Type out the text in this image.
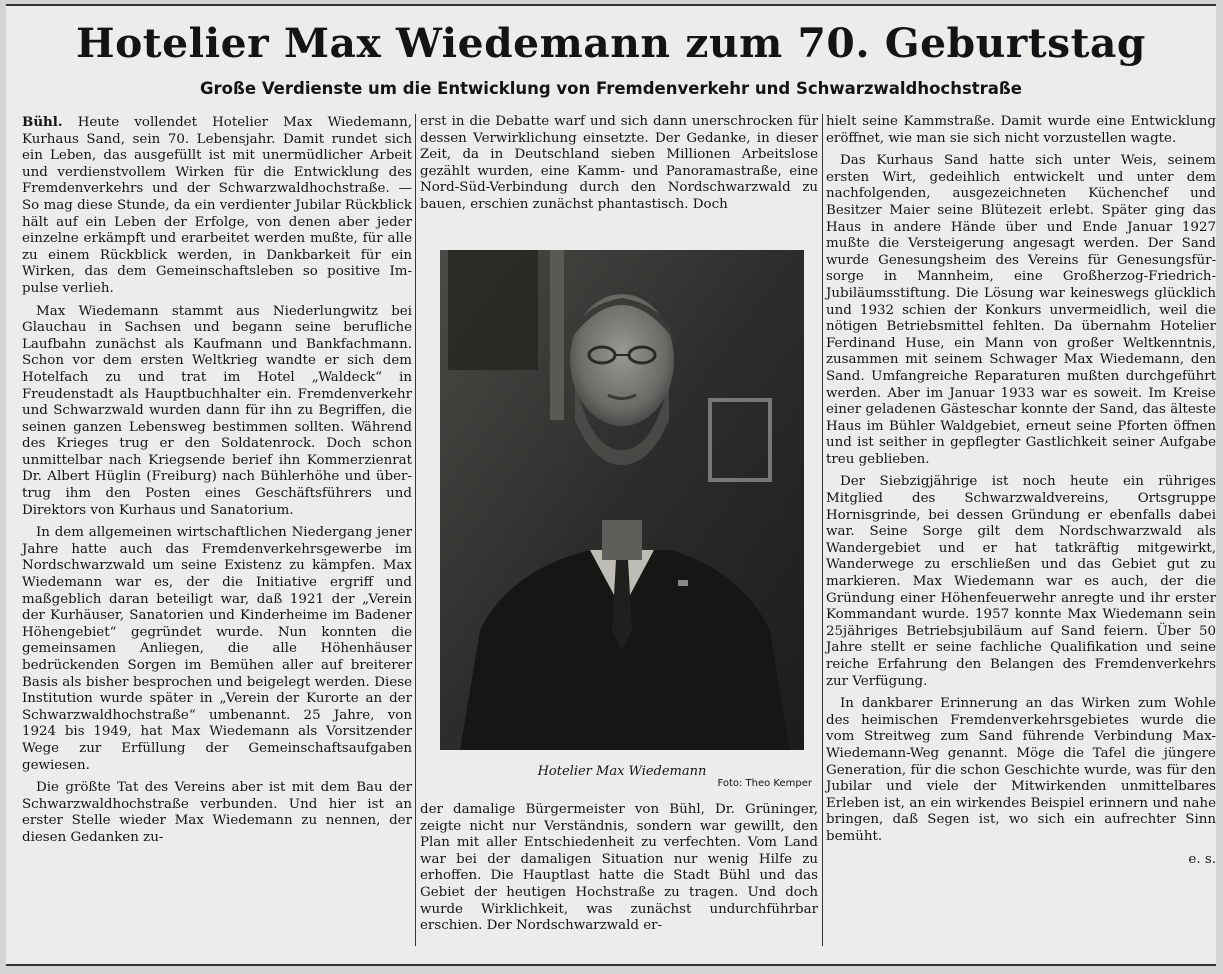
Hotelier Max Wiedemann zum 70. Geburtstag
Große Verdienste um die Entwicklung von Fremdenverkehr und Schwarzwaldhochstraße

Bühl. Heute vollendet Hotelier Max Wiedemann, Kurhaus Sand, sein 70. Lebensjahr. Damit rundet sich ein Leben, das ausgefüllt ist mit unermüdlicher Arbeit und verdienstvollem Wirken für die Entwicklung des Fremdenverkehrs und der Schwarzwaldhochstraße. — So mag diese Stunde, da ein verdienter Jubilar Rückblick hält auf ein Leben der Erfolge, von denen aber jeder einzelne erkämpft und erarbeitet werden mußte, für alle zu einem Rückblick werden, in Dankbarkeit für ein Wirken, das dem Gemeinschaftsleben so positive Impulse verlieh.

Max Wiedemann stammt aus Niederlungwitz bei Glauchau in Sachsen und begann seine berufliche Laufbahn zunächst als Kaufmann und Bankfachmann. Schon vor dem ersten Weltkrieg wandte er sich dem Hotelfach zu und trat im Hotel „Waldeck“ in Freudenstadt als Hauptbuchhalter ein. Fremdenverkehr und Schwarzwald wurden dann für ihn zu Begriffen, die seinen ganzen Lebensweg bestimmen sollten. Während des Krieges trug er den Soldatenrock. Doch schon unmittelbar nach Kriegsende berief ihn Kommerzienrat Dr. Albert Hüglin (Freiburg) nach Bühlerhöhe und übertrug ihm den Posten eines Geschäftsführers und Direktors von Kurhaus und Sanatorium.

In dem allgemeinen wirtschaftlichen Niedergang jener Jahre hatte auch das Fremdenverkehrsgewerbe im Nordschwarzwald um seine Existenz zu kämpfen. Max Wiedemann war es, der die Initiative ergriff und maßgeblich daran beteiligt war, daß 1921 der „Verein der Kurhäuser, Sanatorien und Kinderheime im Badener Höhengebiet“ gegründet wurde. Nun konnten die gemeinsamen Anliegen, die alle Höhenhäuser bedrückenden Sorgen im Bemühen aller auf breiterer Basis als bisher besprochen und beigelegt werden. Diese Institution wurde später in „Verein der Kurorte an der Schwarzwaldhochstraße“ umbenannt. 25 Jahre, von 1924 bis 1949, hat Max Wiedemann als Vorsitzender Wege zur Erfüllung der Gemeinschaftsaufgaben gewiesen.

Die größte Tat des Vereins aber ist mit dem Bau der Schwarzwaldhochstraße verbunden. Und hier ist an erster Stelle wieder Max Wiedemann zu nennen, der diesen Gedanken zu-

erst in die Debatte warf und sich dann unerschrocken für dessen Verwirklichung einsetzte. Der Gedanke, in dieser Zeit, da in Deutschland sieben Millionen Arbeitslose gezählt wurden, eine Kamm- und Panoramastraße, eine Nord-Süd-Verbindung durch den Nordschwarzwald zu bauen, erschien zunächst phantastisch. Doch

Hotelier Max Wiedemann
Foto: Theo Kemper

der damalige Bürgermeister von Bühl, Dr. Grüninger, zeigte nicht nur Verständnis, sondern war gewillt, den Plan mit aller Entschiedenheit zu verfechten. Vom Land war bei der damaligen Situation nur wenig Hilfe zu erhoffen. Die Hauptlast hatte die Stadt Bühl und das Gebiet der heutigen Hochstraße zu tragen. Und doch wurde Wirklichkeit, was zunächst undurchführbar erschien. Der Nordschwarzwald er-

hielt seine Kammstraße. Damit wurde eine Entwicklung eröffnet, wie man sie sich nicht vorzustellen wagte.

Das Kurhaus Sand hatte sich unter Weis, seinem ersten Wirt, gedeihlich entwickelt und unter dem nachfolgenden, ausgezeichneten Küchenchef und Besitzer Maier seine Blütezeit erlebt. Später ging das Haus in andere Hände über und Ende Januar 1927 mußte die Versteigerung angesagt werden. Der Sand wurde Genesungsheim des Vereins für Genesungsfürsorge in Mannheim, eine Großherzog-Friedrich-Jubiläumsstiftung. Die Lösung war keineswegs glücklich und 1932 schien der Konkurs unvermeidlich, weil die nötigen Betriebsmittel fehlten. Da übernahm Hotelier Ferdinand Huse, ein Mann von großer Weltkenntnis, zusammen mit seinem Schwager Max Wiedemann, den Sand. Umfangreiche Reparaturen mußten durchgeführt werden. Aber im Januar 1933 war es soweit. Im Kreise einer geladenen Gästeschar konnte der Sand, das älteste Haus im Bühler Waldgebiet, erneut seine Pforten öffnen und ist seither in gepflegter Gastlichkeit seiner Aufgabe treu geblieben.

Der Siebzigjährige ist noch heute ein rühriges Mitglied des Schwarzwaldvereins, Ortsgruppe Hornisgrinde, bei dessen Gründung er ebenfalls dabei war. Seine Sorge gilt dem Nordschwarzwald als Wandergebiet und er hat tatkräftig mitgewirkt, Wanderwege zu erschließen und das Gebiet gut zu markieren. Max Wiedemann war es auch, der die Gründung einer Höhenfeuerwehr anregte und ihr erster Kommandant wurde. 1957 konnte Max Wiedemann sein 25jähriges Betriebsjubiläum auf Sand feiern. Über 50 Jahre stellt er seine fachliche Qualifikation und seine reiche Erfahrung den Belangen des Fremdenverkehrs zur Verfügung.

In dankbarer Erinnerung an das Wirken zum Wohle des heimischen Fremdenverkehrsgebietes wurde die vom Streitweg zum Sand führende Verbindung Max-Wiedemann-Weg genannt. Möge die Tafel die jüngere Generation, für die schon Geschichte wurde, was für den Jubilar und viele der Mitwirkenden unmittelbares Erleben ist, an ein wirkendes Beispiel erinnern und nahe bringen, daß Segen ist, wo sich ein aufrechter Sinn bemüht.

e. s.
